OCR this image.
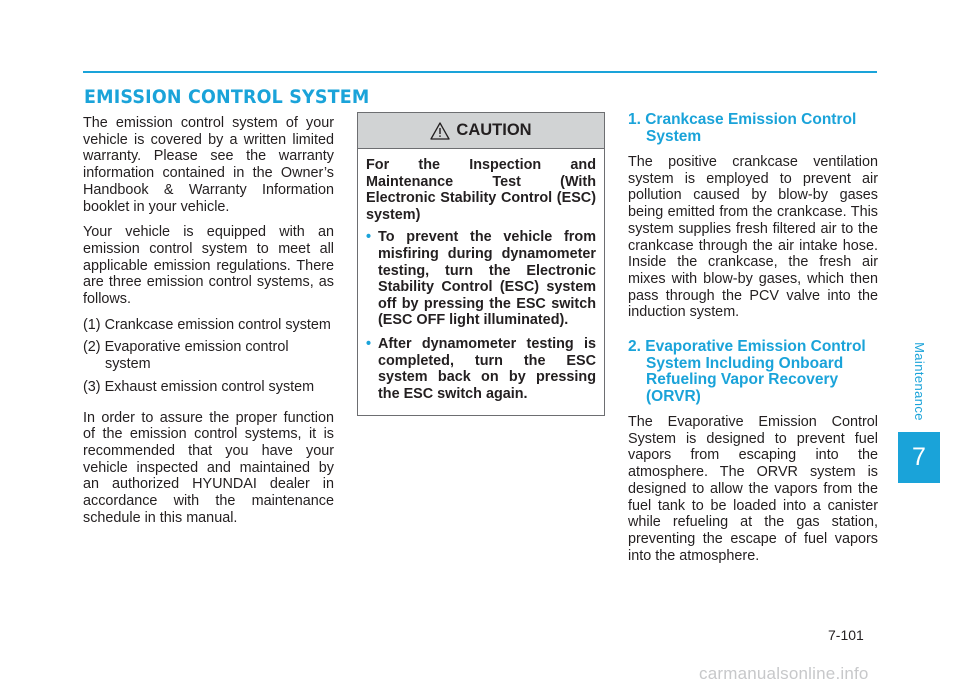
EMISSION CONTROL SYSTEM

The emission control system of your vehicle is covered by a written limited warranty. Please see the warranty information contained in the Owner’s Handbook & Warranty Information booklet in your vehicle.

Your vehicle is equipped with an emission control system to meet all applicable emission regulations. There are three emission control systems, as follows.

(1) Crankcase emission control system
(2) Evaporative emission control system
(3) Exhaust emission control system

In order to assure the proper function of the emission control systems, it is recommended that you have your vehicle inspected and maintained by an authorized HYUNDAI dealer in accordance with the maintenance schedule in this manual.

CAUTION

For the Inspection and Maintenance Test (With Electronic Stability Control (ESC) system)

• To prevent the vehicle from misfiring during dynamometer testing, turn the Electronic Stability Control (ESC) system off by pressing the ESC switch (ESC OFF light illuminated).
• After dynamometer testing is completed, turn the ESC system back on by pressing the ESC switch again.
1. Crankcase Emission Control System

The positive crankcase ventilation system is employed to prevent air pollution caused by blow-by gases being emitted from the crankcase. This system supplies fresh filtered air to the crankcase through the air intake hose. Inside the crankcase, the fresh air mixes with blow-by gases, which then pass through the PCV valve into the induction system.

2. Evaporative Emission Control System Including Onboard Refueling Vapor Recovery (ORVR)

The Evaporative Emission Control System is designed to prevent fuel vapors from escaping into the atmosphere. The ORVR system is designed to allow the vapors from the fuel tank to be loaded into a canister while refueling at the gas station, preventing the escape of fuel vapors into the atmosphere.

Maintenance
7
7-101
carmanualsonline.info
